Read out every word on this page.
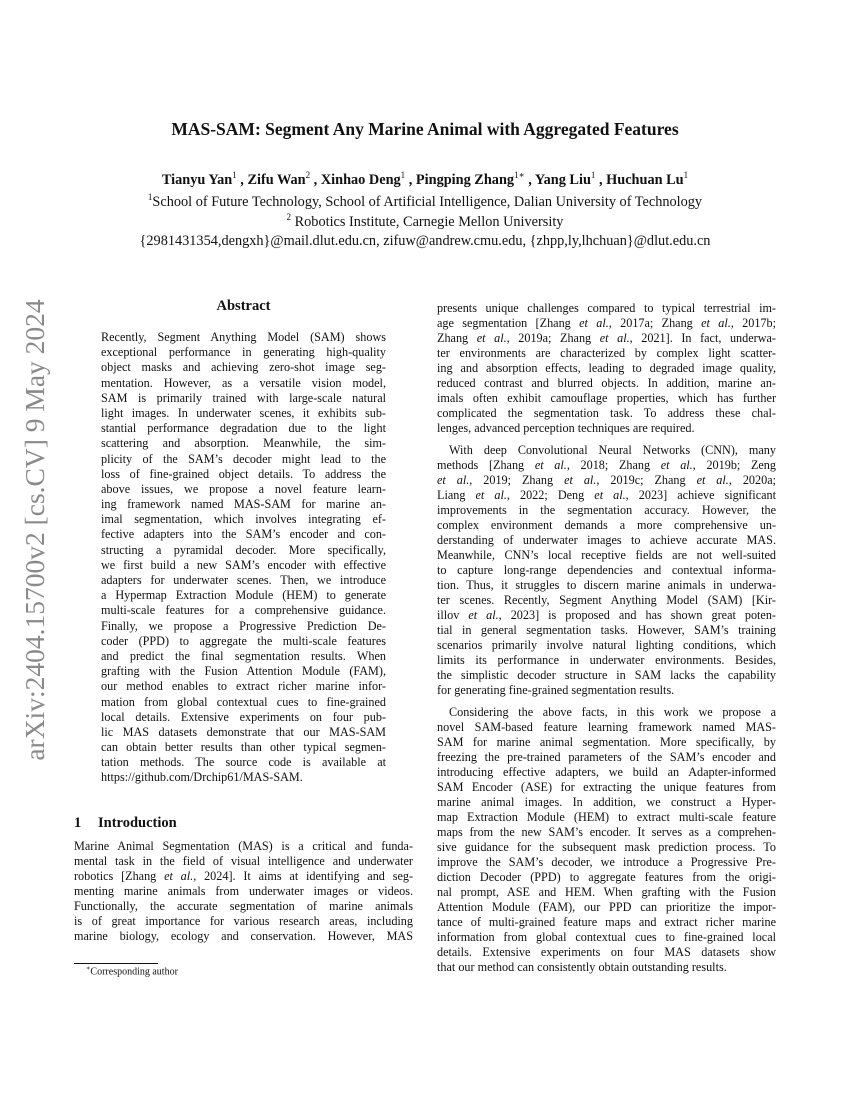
arXiv:2404.15700v2 [cs.CV] 9 May 2024
MAS-SAM: Segment Any Marine Animal with Aggregated Features
Tianyu Yan$^1$ , Zifu Wan$^2$ , Xinhao Deng$^1$ , Pingping Zhang$^{1∗}$ , Yang Liu$^1$ , Huchuan Lu$^1$
$^1$School of Future Technology, School of Artificial Intelligence, Dalian University of Technology
$^2$ Robotics Institute, Carnegie Mellon University
{2981431354,dengxh}@mail.dlut.edu.cn, zifuw@andrew.cmu.edu, {zhpp,ly,lhchuan}@dlut.edu.cn
Abstract
Recently, Segment Anything Model (SAM) shows
exceptional performance in generating high-quality
object masks and achieving zero-shot image seg-
mentation. However, as a versatile vision model,
SAM is primarily trained with large-scale natural
light images. In underwater scenes, it exhibits sub-
stantial performance degradation due to the light
scattering and absorption. Meanwhile, the sim-
plicity of the SAM’s decoder might lead to the
loss of fine-grained object details. To address the
above issues, we propose a novel feature learn-
ing framework named MAS-SAM for marine an-
imal segmentation, which involves integrating ef-
fective adapters into the SAM’s encoder and con-
structing a pyramidal decoder. More specifically,
we first build a new SAM’s encoder with effective
adapters for underwater scenes. Then, we introduce
a Hypermap Extraction Module (HEM) to generate
multi-scale features for a comprehensive guidance.
Finally, we propose a Progressive Prediction De-
coder (PPD) to aggregate the multi-scale features
and predict the final segmentation results. When
grafting with the Fusion Attention Module (FAM),
our method enables to extract richer marine infor-
mation from global contextual cues to fine-grained
local details. Extensive experiments on four pub-
lic MAS datasets demonstrate that our MAS-SAM
can obtain better results than other typical segmen-
tation methods. The source code is available at
https://github.com/Drchip61/MAS-SAM.
1 Introduction
Marine Animal Segmentation (MAS) is a critical and funda-
mental task in the field of visual intelligence and underwater
robotics [Zhang et al., 2024]. It aims at identifying and seg-
menting marine animals from underwater images or videos.
Functionally, the accurate segmentation of marine animals
is of great importance for various research areas, including
marine biology, ecology and conservation. However, MAS
presents unique challenges compared to typical terrestrial im-
age segmentation [Zhang et al., 2017a; Zhang et al., 2017b;
Zhang et al., 2019a; Zhang et al., 2021]. In fact, underwa-
ter environments are characterized by complex light scatter-
ing and absorption effects, leading to degraded image quality,
reduced contrast and blurred objects. In addition, marine an-
imals often exhibit camouflage properties, which has further
complicated the segmentation task. To address these chal-
lenges, advanced perception techniques are required.
With deep Convolutional Neural Networks (CNN), many
methods [Zhang et al., 2018; Zhang et al., 2019b; Zeng
et al., 2019; Zhang et al., 2019c; Zhang et al., 2020a;
Liang et al., 2022; Deng et al., 2023] achieve significant
improvements in the segmentation accuracy. However, the
complex environment demands a more comprehensive un-
derstanding of underwater images to achieve accurate MAS.
Meanwhile, CNN’s local receptive fields are not well-suited
to capture long-range dependencies and contextual informa-
tion. Thus, it struggles to discern marine animals in underwa-
ter scenes. Recently, Segment Anything Model (SAM) [Kir-
illov et al., 2023] is proposed and has shown great poten-
tial in general segmentation tasks. However, SAM’s training
scenarios primarily involve natural lighting conditions, which
limits its performance in underwater environments. Besides,
the simplistic decoder structure in SAM lacks the capability
for generating fine-grained segmentation results.
Considering the above facts, in this work we propose a
novel SAM-based feature learning framework named MAS-
SAM for marine animal segmentation. More specifically, by
freezing the pre-trained parameters of the SAM’s encoder and
introducing effective adapters, we build an Adapter-informed
SAM Encoder (ASE) for extracting the unique features from
marine animal images. In addition, we construct a Hyper-
map Extraction Module (HEM) to extract multi-scale feature
maps from the new SAM’s encoder. It serves as a comprehen-
sive guidance for the subsequent mask prediction process. To
improve the SAM’s decoder, we introduce a Progressive Pre-
diction Decoder (PPD) to aggregate features from the origi-
nal prompt, ASE and HEM. When grafting with the Fusion
Attention Module (FAM), our PPD can prioritize the impor-
tance of multi-grained feature maps and extract richer marine
information from global contextual cues to fine-grained local
details. Extensive experiments on four MAS datasets show
that our method can consistently obtain outstanding results.
∗Corresponding author
